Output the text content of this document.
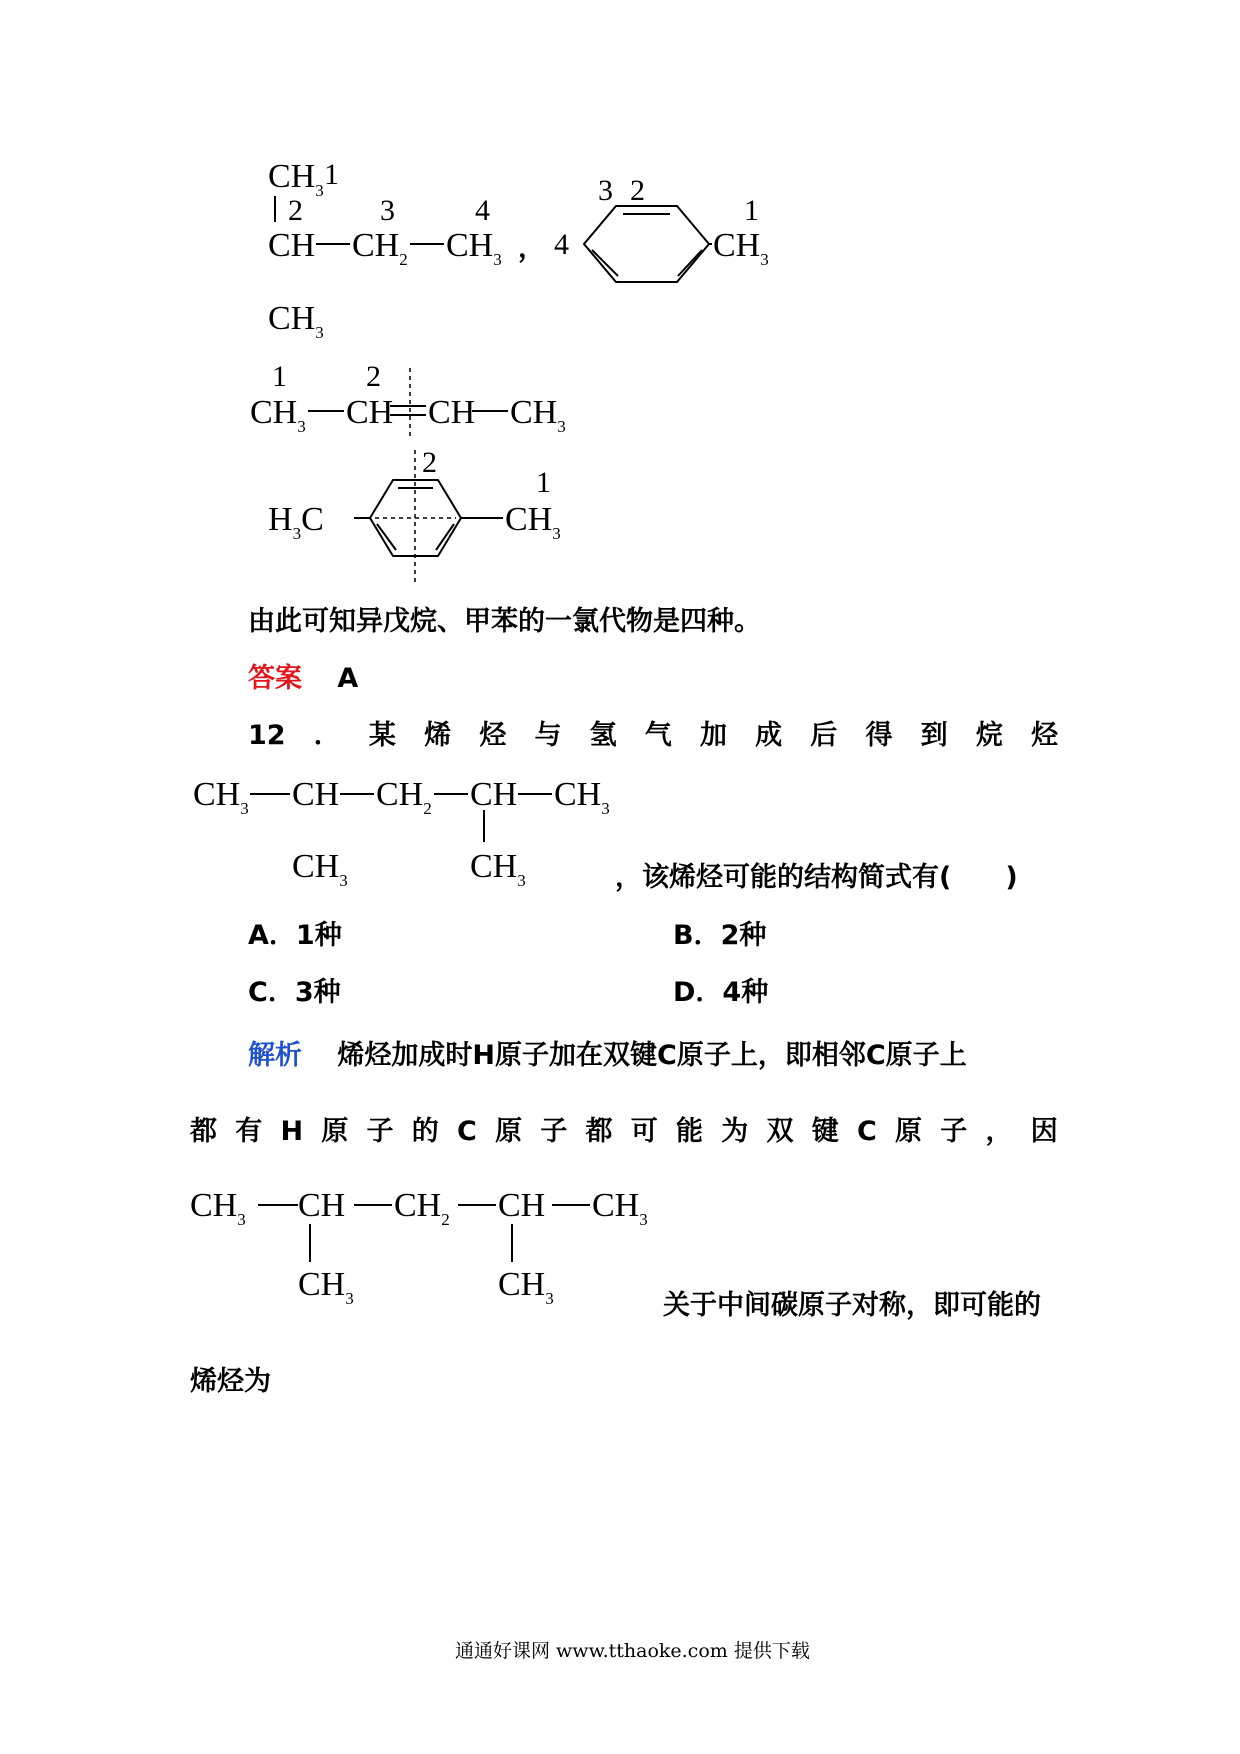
$CH_3$ 1
2	3	4
CH $CH_2$ $CH_3$ ， 4
3 2
1
$CH_3$
$CH_3$
1	2
$CH_3$ CH CH $CH_3$
$H_3C$
2
1
$CH_3$
由此可知异戊烷、甲苯的一氯代物是四种。
答案 A
12 ． 某 烯 烃 与 氢 气 加 成 后 得 到 烷 烃
$CH_3$ CH $CH_2$ CH $CH_3$
$CH_3$	$CH_3$	，该烯烃可能的结构简式有(　　)
A．1种	B．2种
C．3种	D．4种
解析 烯烃加成时H原子加在双键C原子上，即相邻C原子上
都 有 H 原 子 的 C 原 子 都 可 能 为 双 键 C 原 子 ， 因
$CH_3$ CH $CH_2$ CH $CH_3$
$CH_3$	$CH_3$	关于中间碳原子对称，即可能的
烯烃为
通通好课网 www.tthaoke.com 提供下载
